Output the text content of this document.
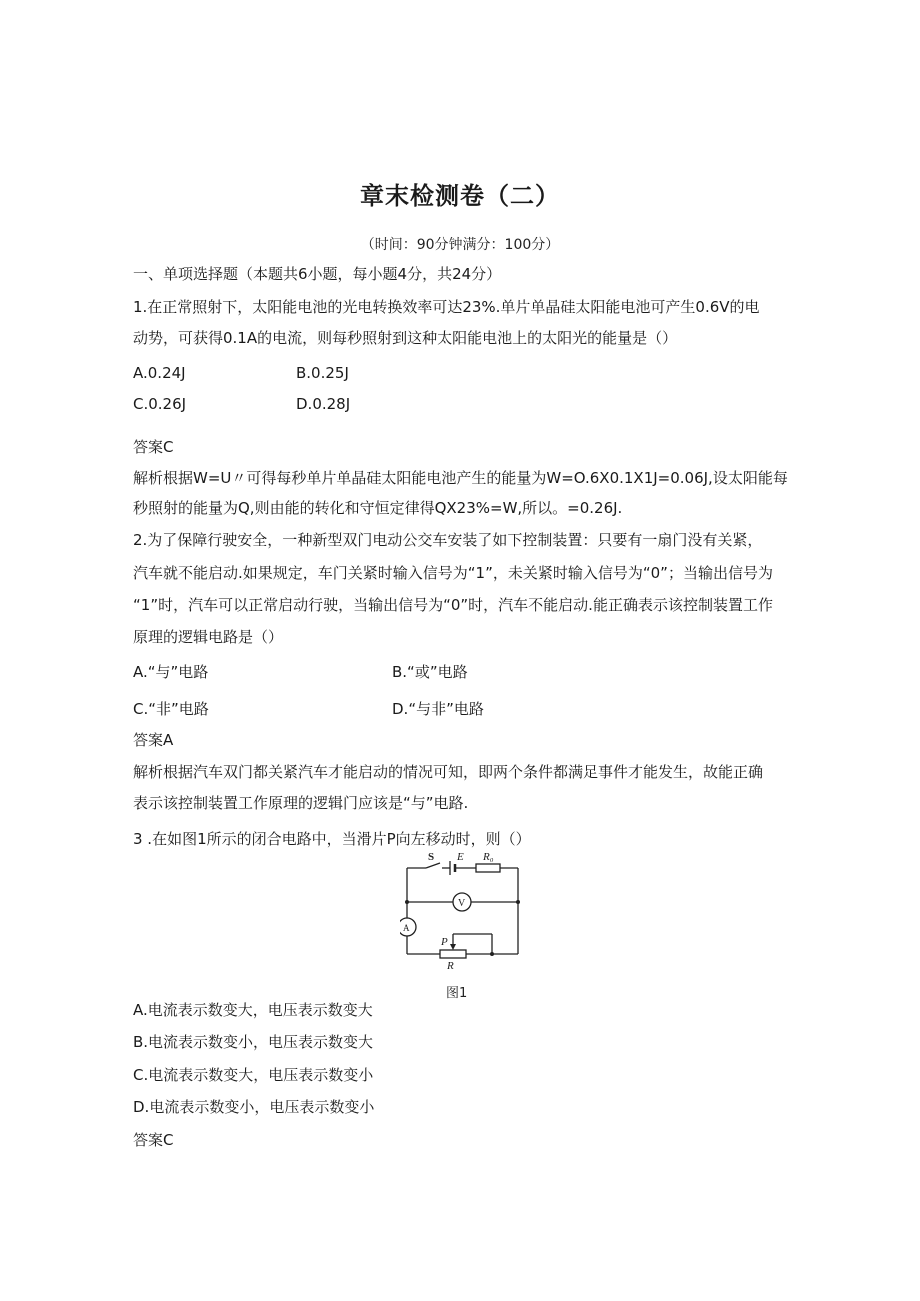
章末检测卷（二）
（时间：90分钟满分：100分）
一、单项选择题（本题共6小题，每小题4分，共24分）
1.在正常照射下，太阳能电池的光电转换效率可达23%.单片单晶硅太阳能电池可产生0.6V的电
动势，可获得0.1A的电流，则每秒照射到这种太阳能电池上的太阳光的能量是（）
A.0.24J	B.0.25J
C.0.26J	D.0.28J
答案C
解析根据W=U〃可得每秒单片单晶硅太阳能电池产生的能量为W=O.6X0.1X1J=0.06J,设太阳能每
秒照射的能量为Q,则由能的转化和守恒定律得QX23%=W,所以。=0.26J.
2.为了保障行驶安全，一种新型双门电动公交车安装了如下控制装置：只要有一扇门没有关紧，
汽车就不能启动.如果规定，车门关紧时输入信号为“1”，未关紧时输入信号为“0”；当输出信号为
“1”时，汽车可以正常启动行驶，当输出信号为“0”时，汽车不能启动.能正确表示该控制装置工作
原理的逻辑电路是（）
A.“与”电路	B.“或”电路
C.“非”电路	D.“与非”电路
答案A
解析根据汽车双门都关紧汽车才能启动的情况可知，即两个条件都满足事件才能发生，故能正确
表示该控制装置工作原理的逻辑门应该是“与”电路.
3 .在如图1所示的闭合电路中，当滑片P向左移动时，则（）
S E R₀
V
A
P
R
图1
A.电流表示数变大，电压表示数变大
B.电流表示数变小，电压表示数变大
C.电流表示数变大，电压表示数变小
D.电流表示数变小，电压表示数变小
答案C
